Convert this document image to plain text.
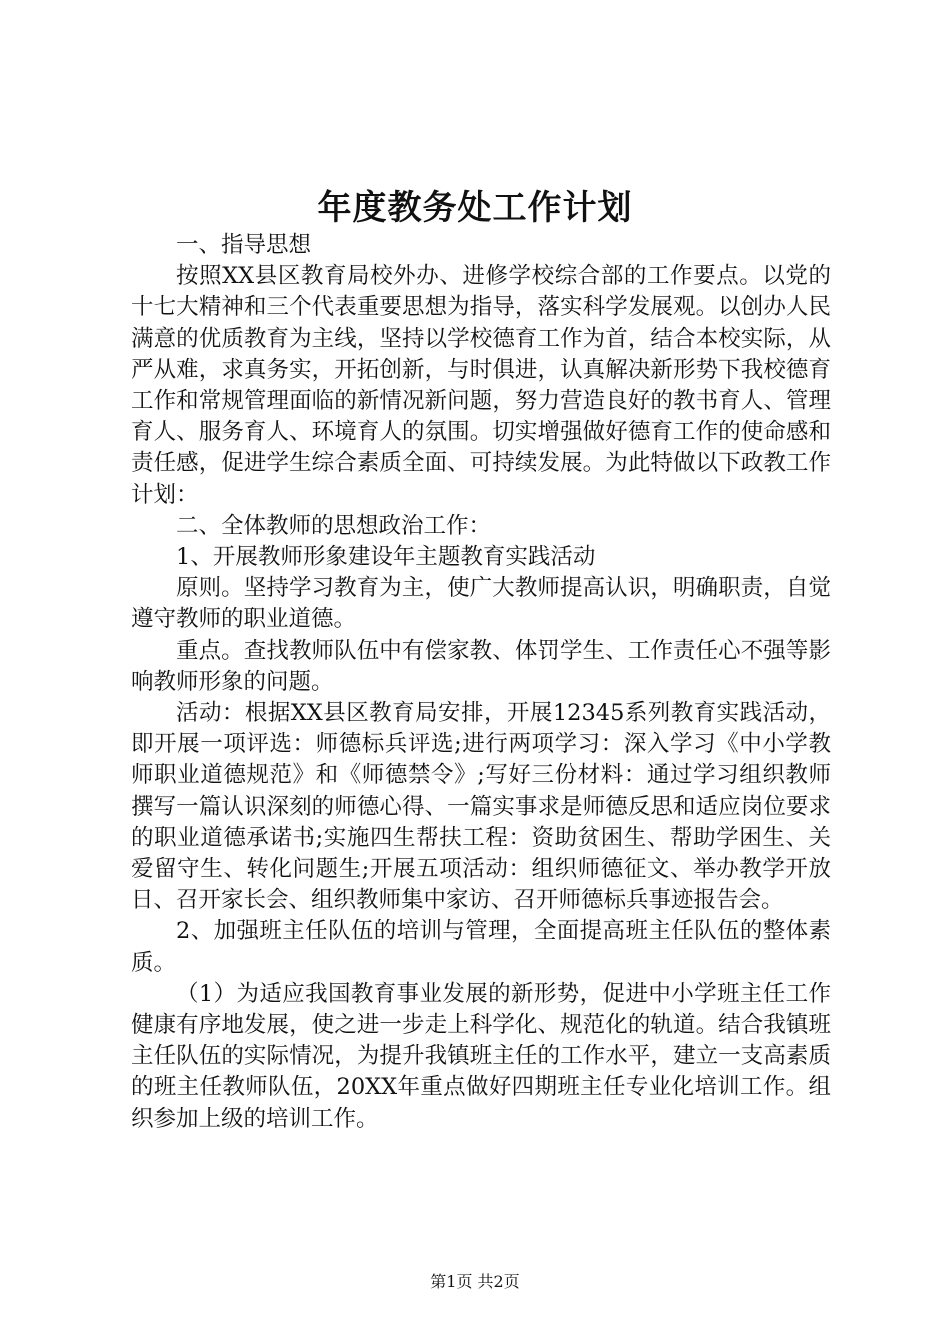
年度教务处工作计划

一、指导思想

按照XX县区教育局校外办、进修学校综合部的工作要点。以党的十七大精神和三个代表重要思想为指导，落实科学发展观。以创办人民满意的优质教育为主线，坚持以学校德育工作为首，结合本校实际，从严从难，求真务实，开拓创新，与时俱进，认真解决新形势下我校德育工作和常规管理面临的新情况新问题，努力营造良好的教书育人、管理育人、服务育人、环境育人的氛围。切实增强做好德育工作的使命感和责任感，促进学生综合素质全面、可持续发展。为此特做以下政教工作计划：

二、全体教师的思想政治工作：

1、开展教师形象建设年主题教育实践活动

原则。坚持学习教育为主，使广大教师提高认识，明确职责，自觉遵守教师的职业道德。

重点。查找教师队伍中有偿家教、体罚学生、工作责任心不强等影响教师形象的问题。

活动：根据XX县区教育局安排，开展12345系列教育实践活动，即开展一项评选：师德标兵评选;进行两项学习：深入学习《中小学教师职业道德规范》和《师德禁令》;写好三份材料：通过学习组织教师撰写一篇认识深刻的师德心得、一篇实事求是师德反思和适应岗位要求的职业道德承诺书;实施四生帮扶工程：资助贫困生、帮助学困生、关爱留守生、转化问题生;开展五项活动：组织师德征文、举办教学开放日、召开家长会、组织教师集中家访、召开师德标兵事迹报告会。

2、加强班主任队伍的培训与管理，全面提高班主任队伍的整体素质。

（1）为适应我国教育事业发展的新形势，促进中小学班主任工作健康有序地发展，使之进一步走上科学化、规范化的轨道。结合我镇班主任队伍的实际情况，为提升我镇班主任的工作水平，建立一支高素质的班主任教师队伍，20XX年重点做好四期班主任专业化培训工作。组织参加上级的培训工作。

第1页 共2页
